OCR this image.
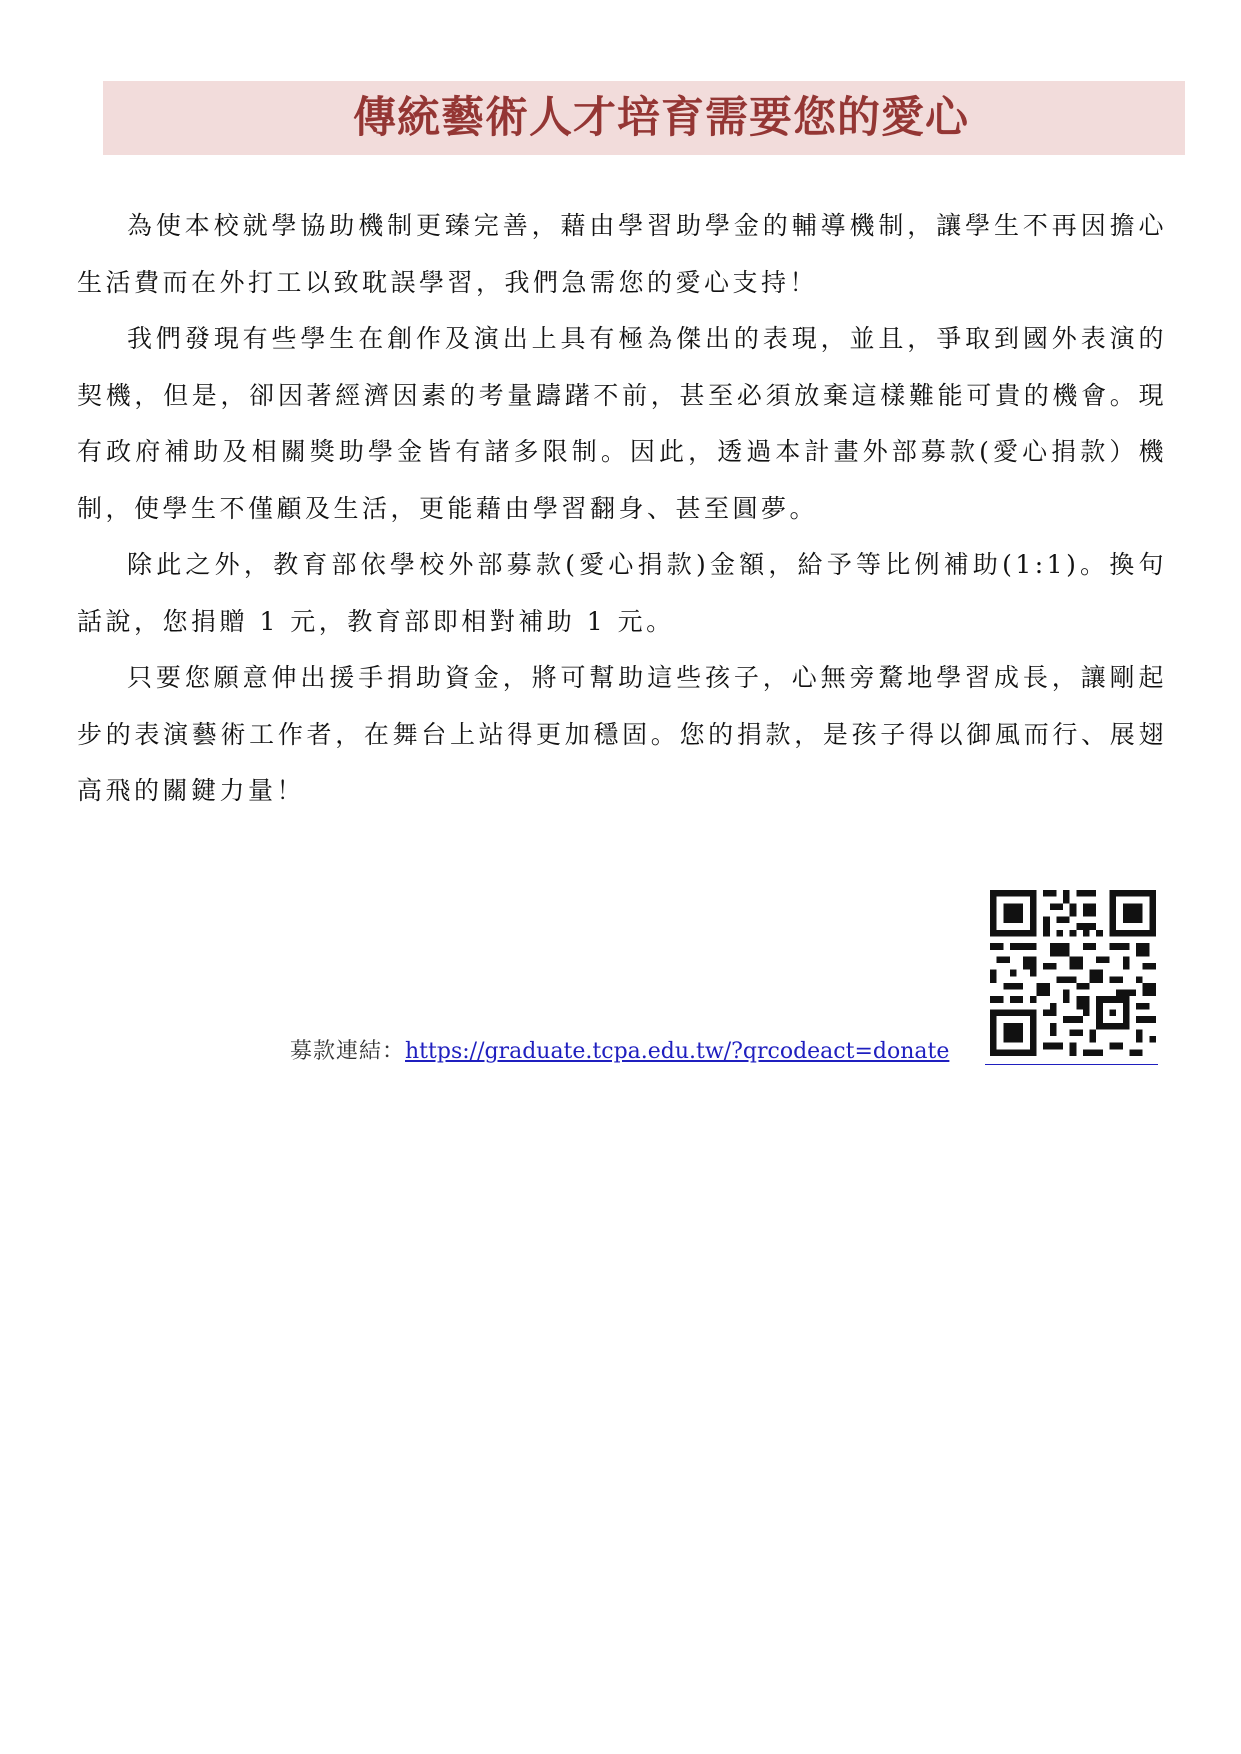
傳統藝術人才培育需要您的愛心

為使本校就學協助機制更臻完善，藉由學習助學金的輔導機制，讓學生不再因擔心生活費而在外打工以致耽誤學習，我們急需您的愛心支持！

我們發現有些學生在創作及演出上具有極為傑出的表現，並且，爭取到國外表演的契機，但是，卻因著經濟因素的考量躊躇不前，甚至必須放棄這樣難能可貴的機會。現有政府補助及相關獎助學金皆有諸多限制。因此，透過本計畫外部募款(愛心捐款）機制，使學生不僅顧及生活，更能藉由學習翻身、甚至圓夢。

除此之外，教育部依學校外部募款(愛心捐款)金額，給予等比例補助(1:1)。換句話說，您捐贈 1 元，教育部即相對補助 1 元。

只要您願意伸出援手捐助資金，將可幫助這些孩子，心無旁騖地學習成長，讓剛起步的表演藝術工作者，在舞台上站得更加穩固。您的捐款，是孩子得以御風而行、展翅高飛的關鍵力量！

募款連結：https://graduate.tcpa.edu.tw/?qrcodeact=donate
